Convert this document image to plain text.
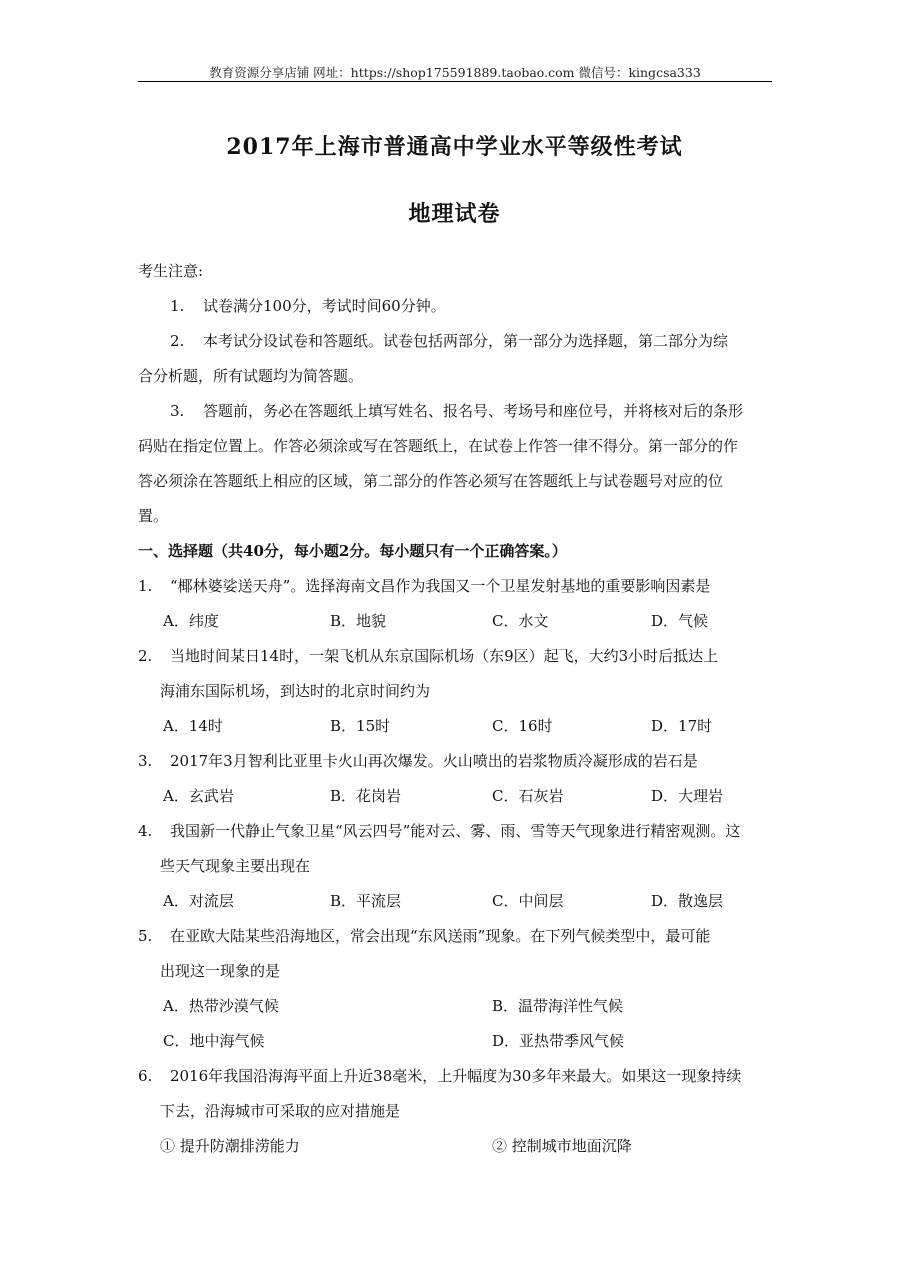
教育资源分享店铺 网址：https://shop175591889.taobao.com 微信号：kingcsa333
2017年上海市普通高中学业水平等级性考试
地理试卷
考生注意:
1. 试卷满分100分，考试时间60分钟。
2. 本考试分设试卷和答题纸。试卷包括两部分，第一部分为选择题，第二部分为综
合分析题，所有试题均为简答题。
3. 答题前，务必在答题纸上填写姓名、报名号、考场号和座位号，并将核对后的条形
码贴在指定位置上。作答必须涂或写在答题纸上，在试卷上作答一律不得分。第一部分的作
答必须涂在答题纸上相应的区域，第二部分的作答必须写在答题纸上与试卷题号对应的位
置。
一、选择题（共40分，每小题2分。每小题只有一个正确答案。）
1. “椰林婆娑送天舟”。选择海南文昌作为我国又一个卫星发射基地的重要影响因素是
A．纬度	B．地貌	C．水文	D．气候
2. 当地时间某日14时，一架飞机从东京国际机场（东9区）起飞，大约3小时后抵达上
海浦东国际机场，到达时的北京时间约为
A．14时	B．15时	C．16时	D．17时
3. 2017年3月智利比亚里卡火山再次爆发。火山喷出的岩浆物质冷凝形成的岩石是
A．玄武岩	B．花岗岩	C．石灰岩	D．大理岩
4. 我国新一代静止气象卫星“风云四号”能对云、雾、雨、雪等天气现象进行精密观测。这
些天气现象主要出现在
A．对流层	B．平流层	C．中间层	D．散逸层
5. 在亚欧大陆某些沿海地区，常会出现“东风送雨”现象。在下列气候类型中，最可能
出现这一现象的是
A．热带沙漠气候	B．温带海洋性气候
C．地中海气候	D．亚热带季风气候
6. 2016年我国沿海海平面上升近38毫米，上升幅度为30多年来最大。如果这一现象持续
下去，沿海城市可采取的应对措施是
① 提升防潮排涝能力	② 控制城市地面沉降
